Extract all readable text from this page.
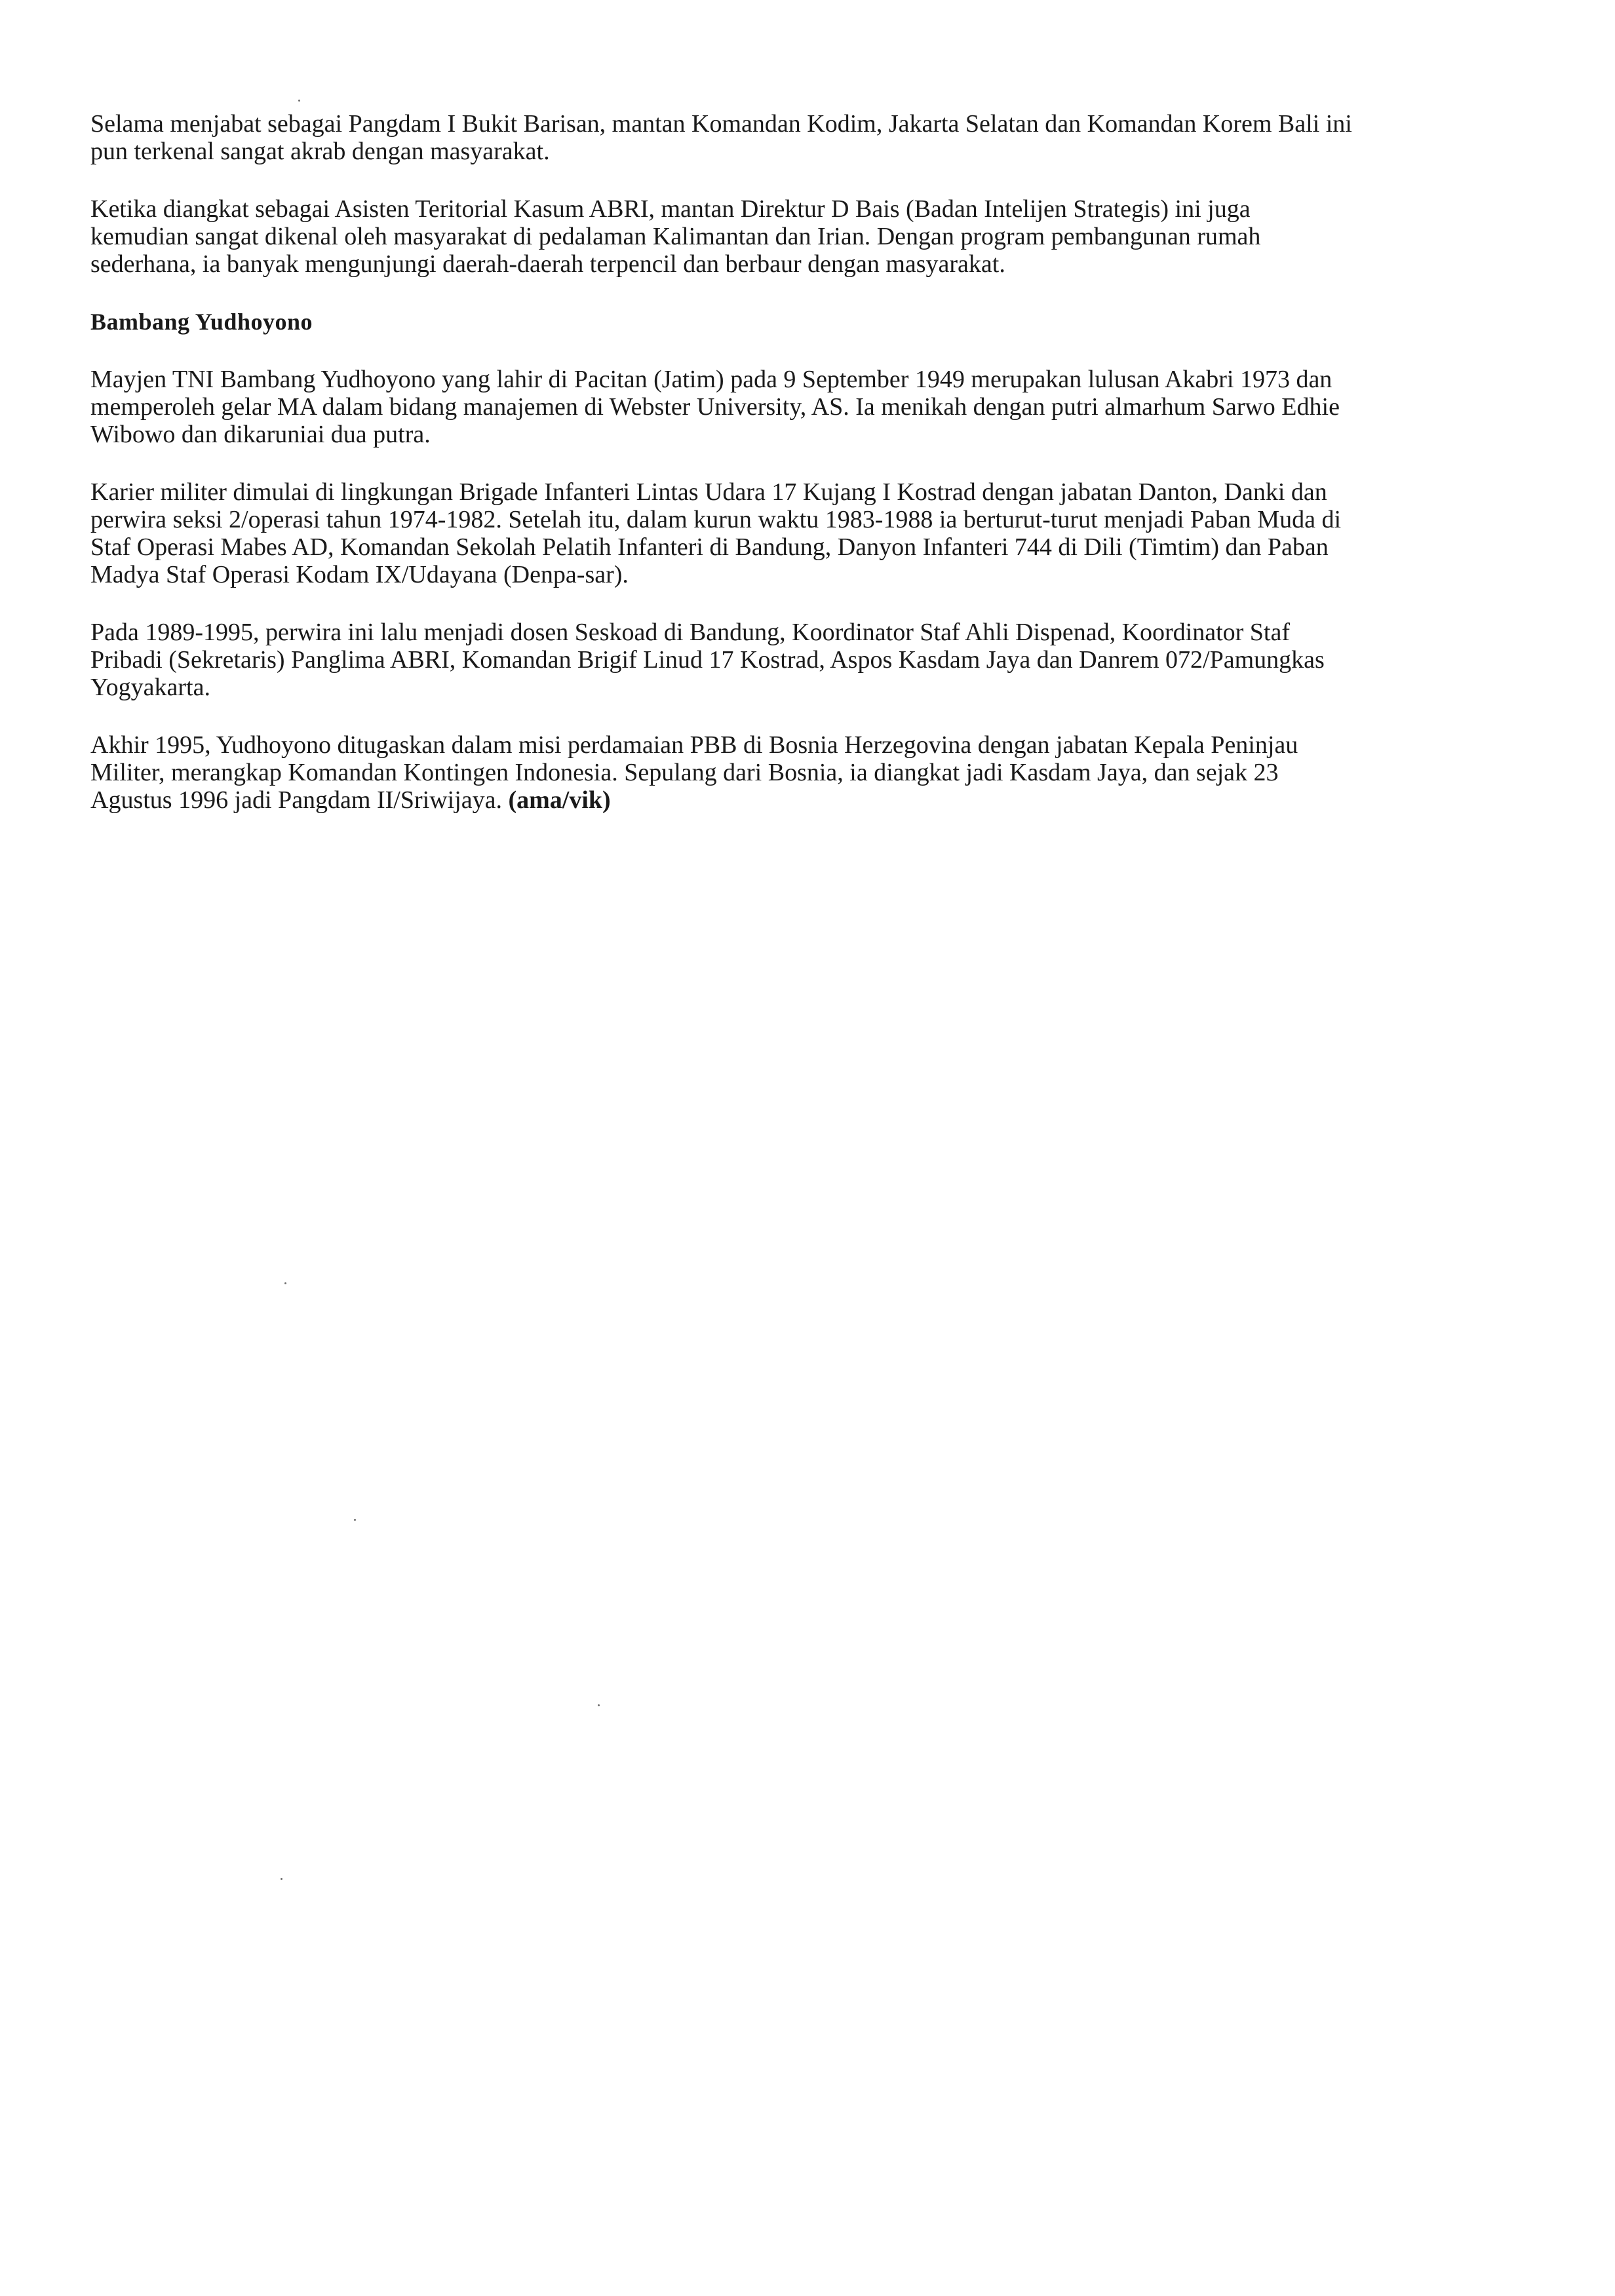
Selama menjabat sebagai Pangdam I Bukit Barisan, mantan Komandan Kodim, Jakarta Selatan dan Komandan Korem Bali ini
pun terkenal sangat akrab dengan masyarakat.

Ketika diangkat sebagai Asisten Teritorial Kasum ABRI, mantan Direktur D Bais (Badan Intelijen Strategis) ini juga
kemudian sangat dikenal oleh masyarakat di pedalaman Kalimantan dan Irian. Dengan program pembangunan rumah
sederhana, ia banyak mengunjungi daerah-daerah terpencil dan berbaur dengan masyarakat.

Bambang Yudhoyono

Mayjen TNI Bambang Yudhoyono yang lahir di Pacitan (Jatim) pada 9 September 1949 merupakan lulusan Akabri 1973 dan
memperoleh gelar MA dalam bidang manajemen di Webster University, AS. Ia menikah dengan putri almarhum Sarwo Edhie
Wibowo dan dikaruniai dua putra.

Karier militer dimulai di lingkungan Brigade Infanteri Lintas Udara 17 Kujang I Kostrad dengan jabatan Danton, Danki dan
perwira seksi 2/operasi tahun 1974-1982. Setelah itu, dalam kurun waktu 1983-1988 ia berturut-turut menjadi Paban Muda di
Staf Operasi Mabes AD, Komandan Sekolah Pelatih Infanteri di Bandung, Danyon Infanteri 744 di Dili (Timtim) dan Paban
Madya Staf Operasi Kodam IX/Udayana (Denpa-sar).

Pada 1989-1995, perwira ini lalu menjadi dosen Seskoad di Bandung, Koordinator Staf Ahli Dispenad, Koordinator Staf
Pribadi (Sekretaris) Panglima ABRI, Komandan Brigif Linud 17 Kostrad, Aspos Kasdam Jaya dan Danrem 072/Pamungkas
Yogyakarta.

Akhir 1995, Yudhoyono ditugaskan dalam misi perdamaian PBB di Bosnia Herzegovina dengan jabatan Kepala Peninjau
Militer, merangkap Komandan Kontingen Indonesia. Sepulang dari Bosnia, ia diangkat jadi Kasdam Jaya, dan sejak 23
Agustus 1996 jadi Pangdam II/Sriwijaya. (ama/vik)
